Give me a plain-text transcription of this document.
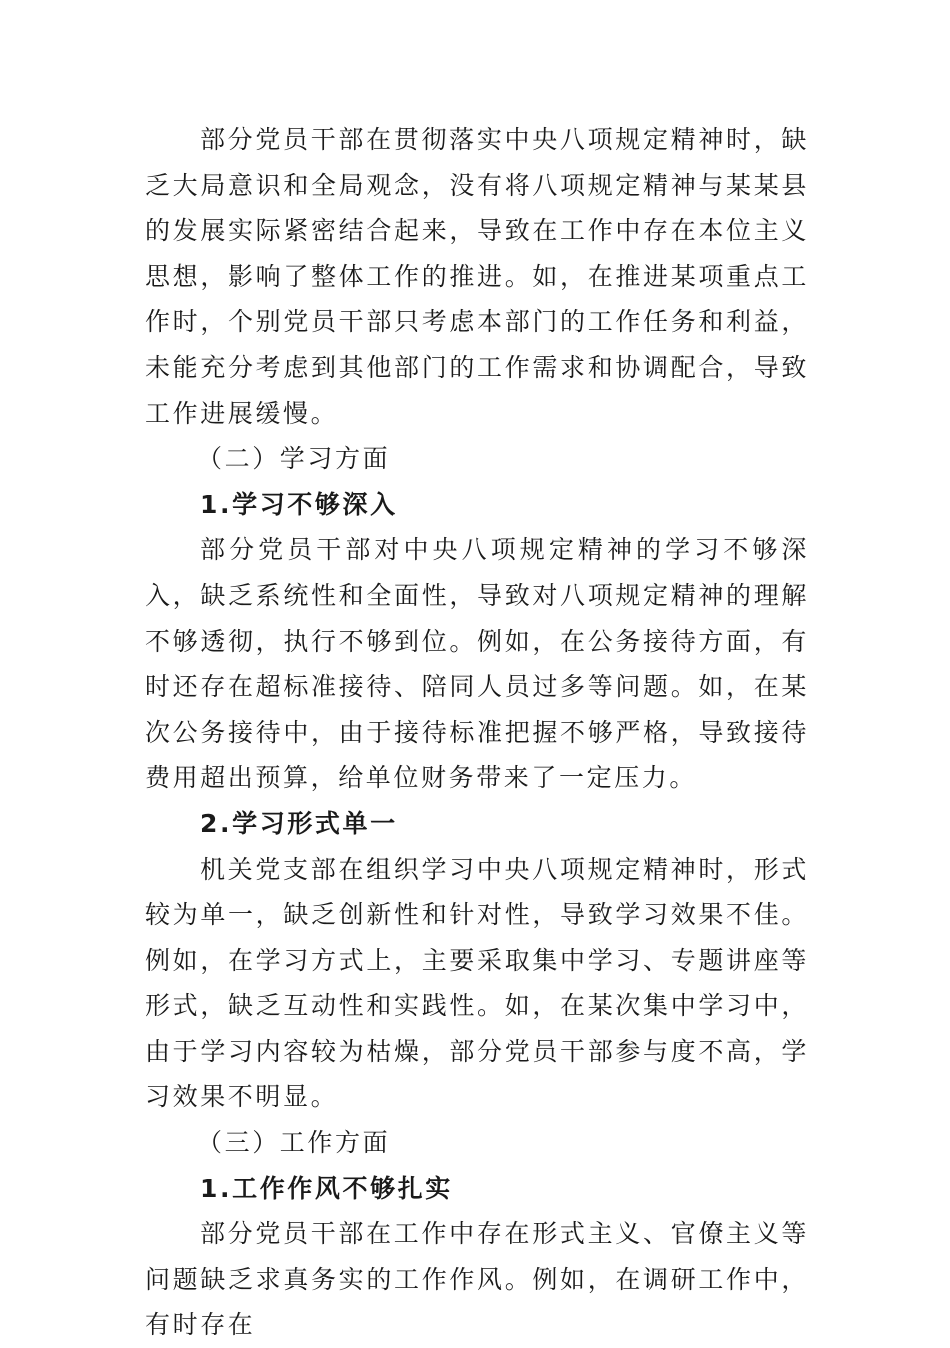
部分党员干部在贯彻落实中央八项规定精神时，缺乏大局意识和全局观念，没有将八项规定精神与某某县的发展实际紧密结合起来，导致在工作中存在本位主义思想，影响了整体工作的推进。如，在推进某项重点工作时，个别党员干部只考虑本部门的工作任务和利益，未能充分考虑到其他部门的工作需求和协调配合，导致工作进展缓慢。

（二）学习方面

1.学习不够深入

部分党员干部对中央八项规定精神的学习不够深入，缺乏系统性和全面性，导致对八项规定精神的理解不够透彻，执行不够到位。例如，在公务接待方面，有时还存在超标准接待、陪同人员过多等问题。如，在某次公务接待中，由于接待标准把握不够严格，导致接待费用超出预算，给单位财务带来了一定压力。

2.学习形式单一

机关党支部在组织学习中央八项规定精神时，形式较为单一，缺乏创新性和针对性，导致学习效果不佳。例如，在学习方式上，主要采取集中学习、专题讲座等形式，缺乏互动性和实践性。如，在某次集中学习中，由于学习内容较为枯燥，部分党员干部参与度不高，学习效果不明显。

（三）工作方面

1.工作作风不够扎实

部分党员干部在工作中存在形式主义、官僚主义等问题缺乏求真务实的工作作风。例如，在调研工作中，有时存在
